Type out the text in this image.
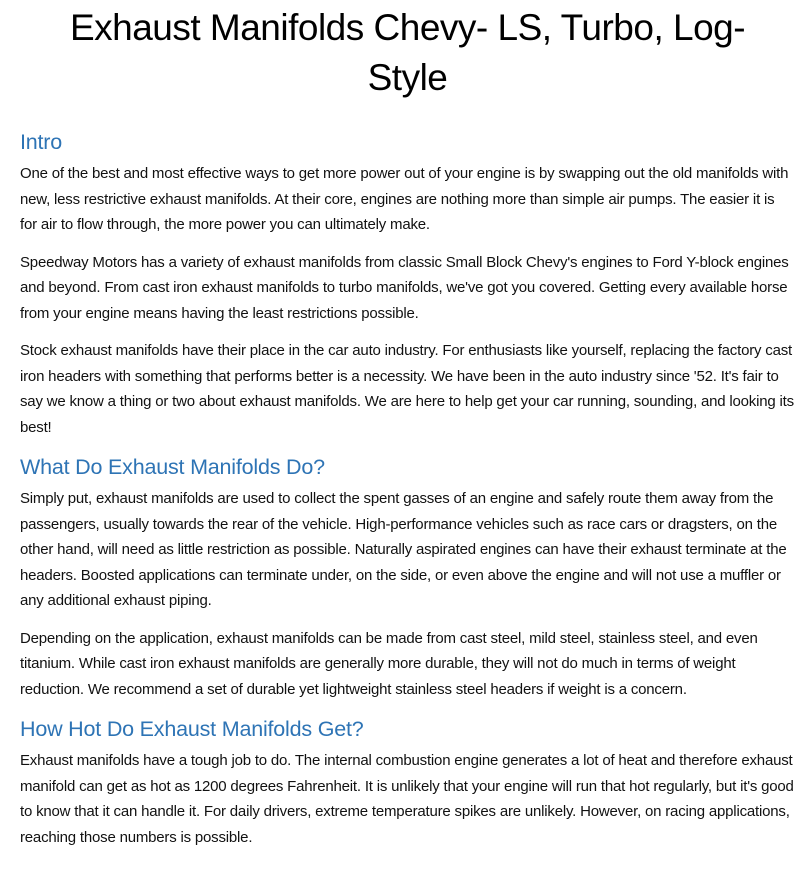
Exhaust Manifolds Chevy- LS, Turbo, Log-
Style
Intro

One of the best and most effective ways to get more power out of your engine is by swapping out the old manifolds with new, less restrictive exhaust manifolds. At their core, engines are nothing more than simple air pumps. The easier it is for air to flow through, the more power you can ultimately make.

Speedway Motors has a variety of exhaust manifolds from classic Small Block Chevy's engines to Ford Y-block engines and beyond. From cast iron exhaust manifolds to turbo manifolds, we've got you covered. Getting every available horse from your engine means having the least restrictions possible.

Stock exhaust manifolds have their place in the car auto industry. For enthusiasts like yourself, replacing the factory cast iron headers with something that performs better is a necessity. We have been in the auto industry since '52. It's fair to say we know a thing or two about exhaust manifolds. We are here to help get your car running, sounding, and looking its best!

What Do Exhaust Manifolds Do?

Simply put, exhaust manifolds are used to collect the spent gasses of an engine and safely route them away from the passengers, usually towards the rear of the vehicle. High-performance vehicles such as race cars or dragsters, on the other hand, will need as little restriction as possible. Naturally aspirated engines can have their exhaust terminate at the headers. Boosted applications can terminate under, on the side, or even above the engine and will not use a muffler or any additional exhaust piping.

Depending on the application, exhaust manifolds can be made from cast steel, mild steel, stainless steel, and even titanium. While cast iron exhaust manifolds are generally more durable, they will not do much in terms of weight reduction. We recommend a set of durable yet lightweight stainless steel headers if weight is a concern.

How Hot Do Exhaust Manifolds Get?

Exhaust manifolds have a tough job to do. The internal combustion engine generates a lot of heat and therefore exhaust manifold can get as hot as 1200 degrees Fahrenheit. It is unlikely that your engine will run that hot regularly, but it's good to know that it can handle it. For daily drivers, extreme temperature spikes are unlikely. However, on racing applications, reaching those numbers is possible.
